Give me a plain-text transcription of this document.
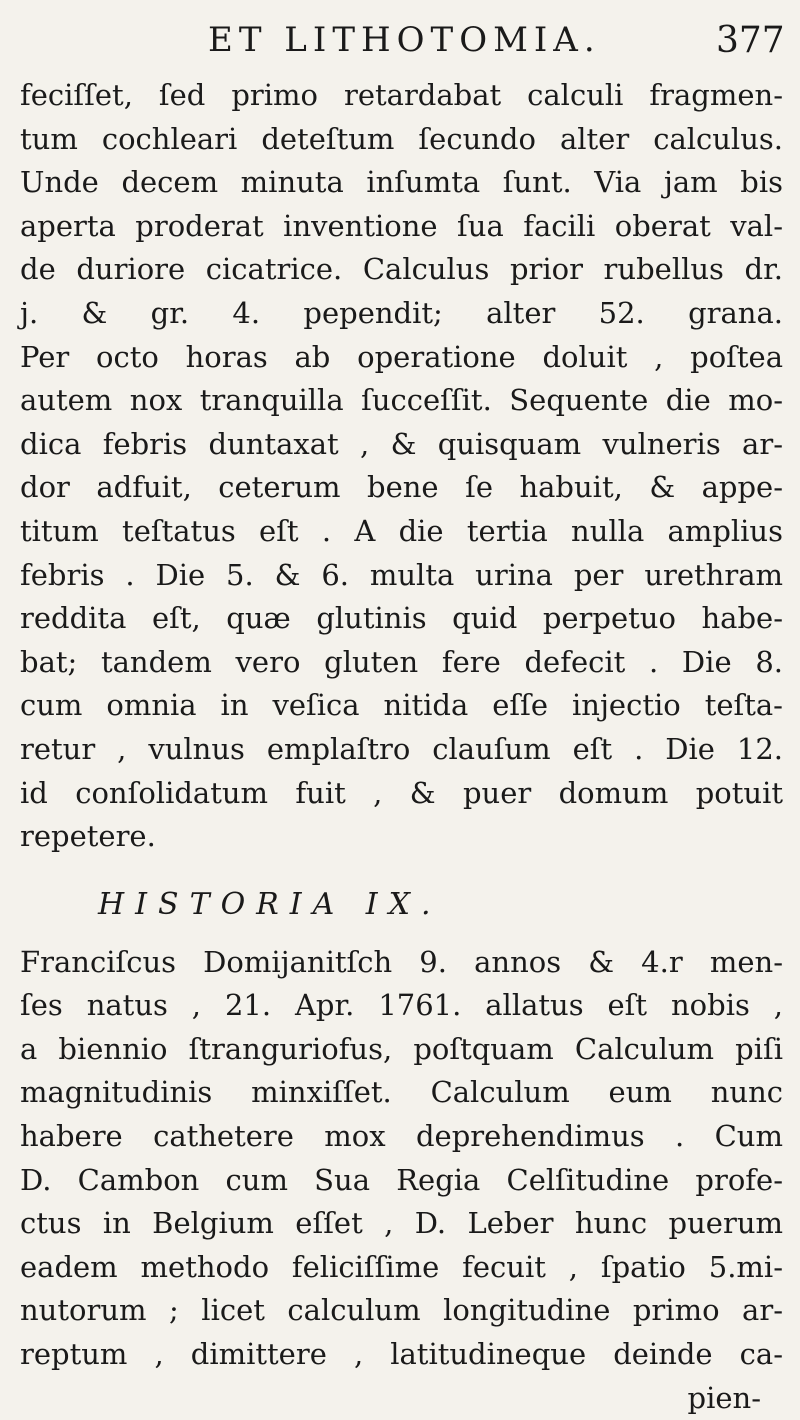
ET LITHOTOMIA.	377
feciſſet, ſed primo retardabat calculi fragmen-
tum cochleari deteſtum ſecundo alter calculus.
Unde decem minuta inſumta ſunt. Via jam bis
aperta proderat inventione ſua facili oberat val-
de duriore cicatrice. Calculus prior rubellus dr.
j. & gr. 4. pependit; alter 52. grana.
Per octo horas ab operatione doluit , poſtea
autem nox tranquilla ſucceſſit. Sequente die mo-
dica febris duntaxat , & quisquam vulneris ar-
dor adfuit, ceterum bene ſe habuit, & appe-
titum teſtatus eſt . A die tertia nulla amplius
febris . Die 5. & 6. multa urina per urethram
reddita eſt, quæ glutinis quid perpetuo habe-
bat; tandem vero gluten fere defecit . Die 8.
cum omnia in veſica nitida eſſe injectio teſta-
retur , vulnus emplaſtro clauſum eſt . Die 12.
id conſolidatum fuit , & puer domum potuit
repetere.
HISTORIA IX.
Franciſcus Domijanitſch 9. annos & 4.r men-
ſes natus , 21. Apr. 1761. allatus eſt nobis ,
a biennio ſtranguriofus, poſtquam Calculum piſi
magnitudinis minxiſſet. Calculum eum nunc
habere cathetere mox deprehendimus . Cum
D. Cambon cum Sua Regia Celſitudine profe-
ctus in Belgium eſſet , D. Leber hunc puerum
eadem methodo feliciſſime fecuit , ſpatio 5.mi-
nutorum ; licet calculum longitudine primo ar-
reptum , dimittere , latitudineque deinde ca-
pien-
